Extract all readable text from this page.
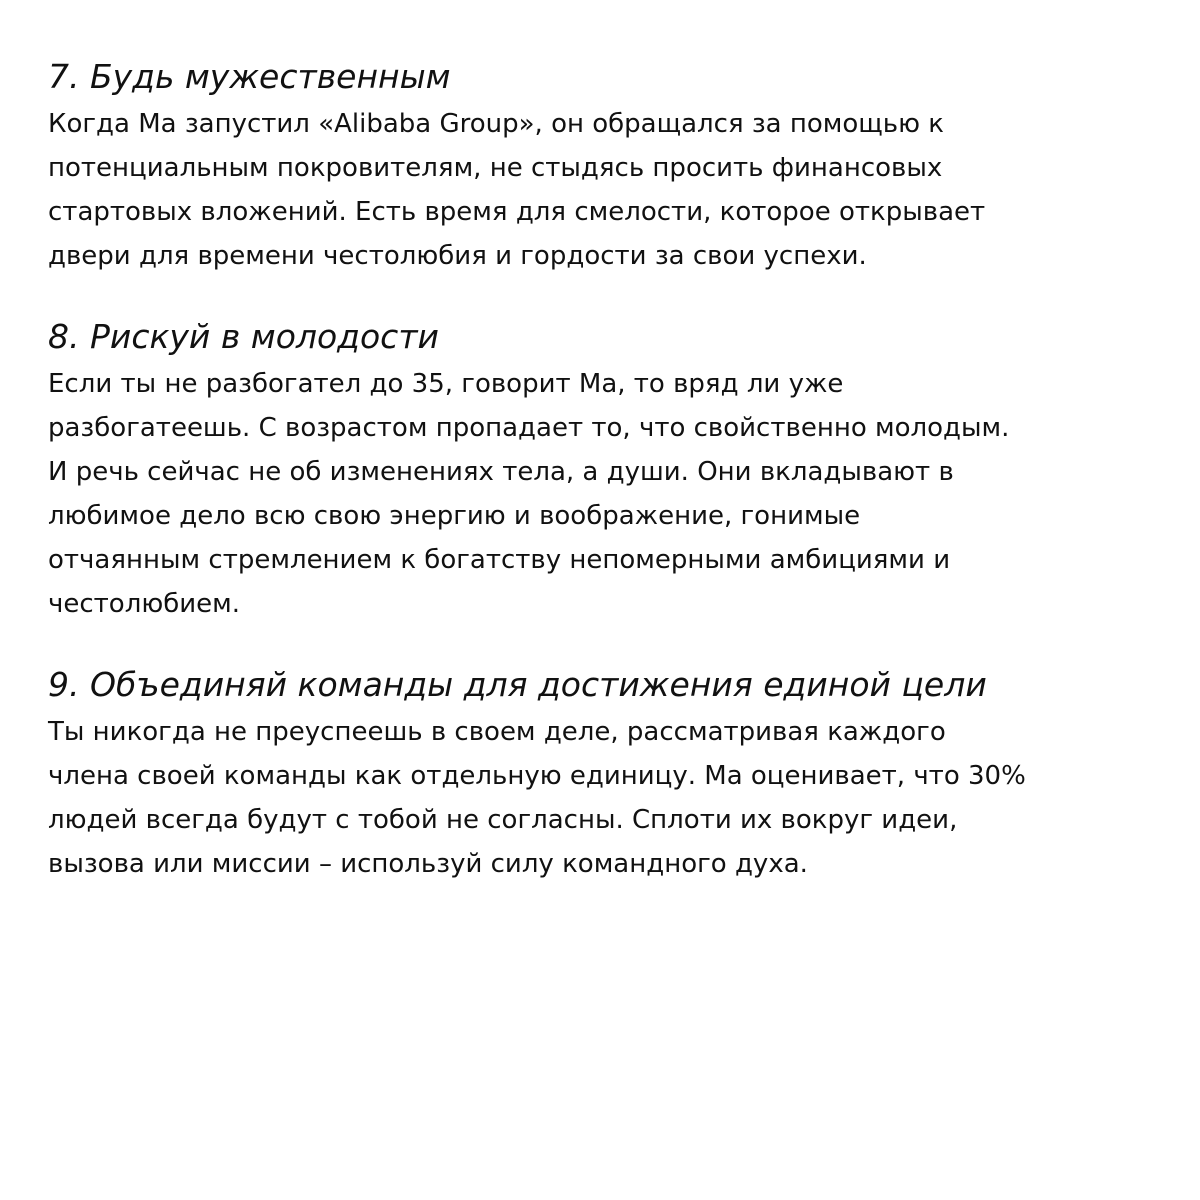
7. Будь мужественным

Когда Ма запустил «Alibaba Group», он обращался за помощью к
потенциальным покровителям, не стыдясь просить финансовых
стартовых вложений. Есть время для смелости, которое открывает
двери для времени честолюбия и гордости за свои успехи.

8. Рискуй в молодости

Если ты не разбогател до 35, говорит Ма, то вряд ли уже
разбогатеешь. С возрастом пропадает то, что свойственно молодым.
И речь сейчас не об изменениях тела, а души. Они вкладывают в
любимое дело всю свою энергию и воображение, гонимые
отчаянным стремлением к богатству непомерными амбициями и
честолюбием.

9. Объединяй команды для достижения единой цели

Ты никогда не преуспеешь в своем деле, рассматривая каждого
члена своей команды как отдельную единицу. Ма оценивает, что 30%
людей всегда будут с тобой не согласны. Сплоти их вокруг идеи,
вызова или миссии – используй силу командного духа.
